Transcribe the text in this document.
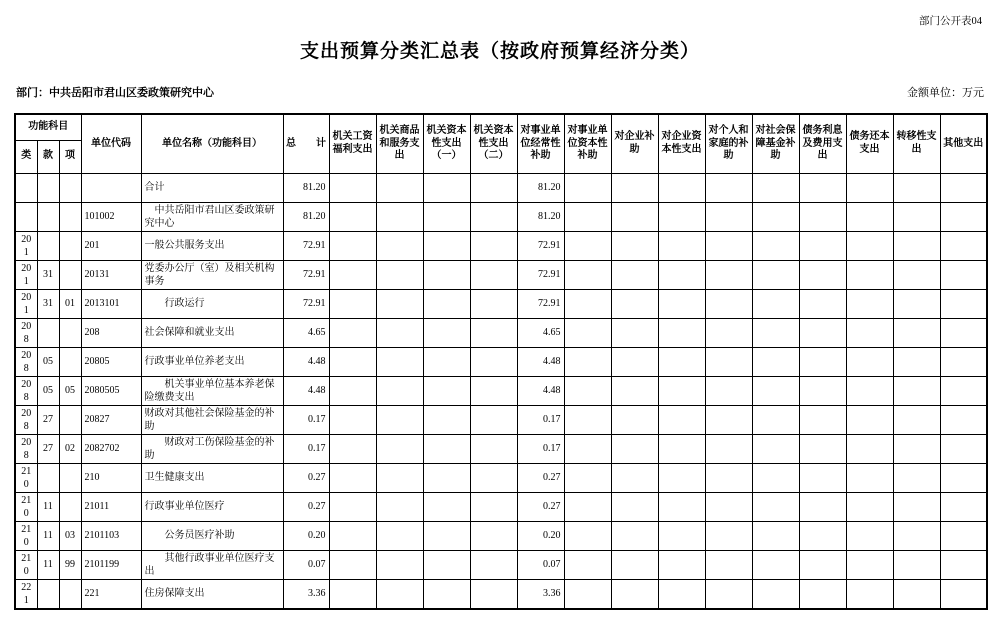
部门公开表04
支出预算分类汇总表（按政府预算经济分类）
部门：中共岳阳市君山区委政策研究中心	金额单位：万元
功能科目			单位代码	单位名称（功能科目）	总　　计	机关工资福利支出	机关商品和服务支出	机关资本性支出（一）	机关资本性支出（二）	对事业单位经常性补助	对事业单位资本性补助	对企业补助	对企业资本性支出	对个人和家庭的补助	对社会保障基金补助	债务利息及费用支出	债务还本支出	转移性支出	其他支出
类	款	项																	
				合计	81.20					81.20									
			101002	中共岳阳市君山区委政策研究中心	81.20					81.20									
201			201	一般公共服务支出	72.91					72.91									
201	31		20131	党委办公厅（室）及相关机构事务	72.91					72.91									
201	31	01	2013101	行政运行	72.91					72.91									
208			208	社会保障和就业支出	4.65					4.65									
208	05		20805	行政事业单位养老支出	4.48					4.48									
208	05	05	2080505	机关事业单位基本养老保险缴费支出	4.48					4.48									
208	27		20827	财政对其他社会保险基金的补助	0.17					0.17									
208	27	02	2082702	财政对工伤保险基金的补助	0.17					0.17									
210			210	卫生健康支出	0.27					0.27									
210	11		21011	行政事业单位医疗	0.27					0.27									
210	11	03	2101103	公务员医疗补助	0.20					0.20									
210	11	99	2101199	其他行政事业单位医疗支出	0.07					0.07									
221			221	住房保障支出	3.36					3.36									
